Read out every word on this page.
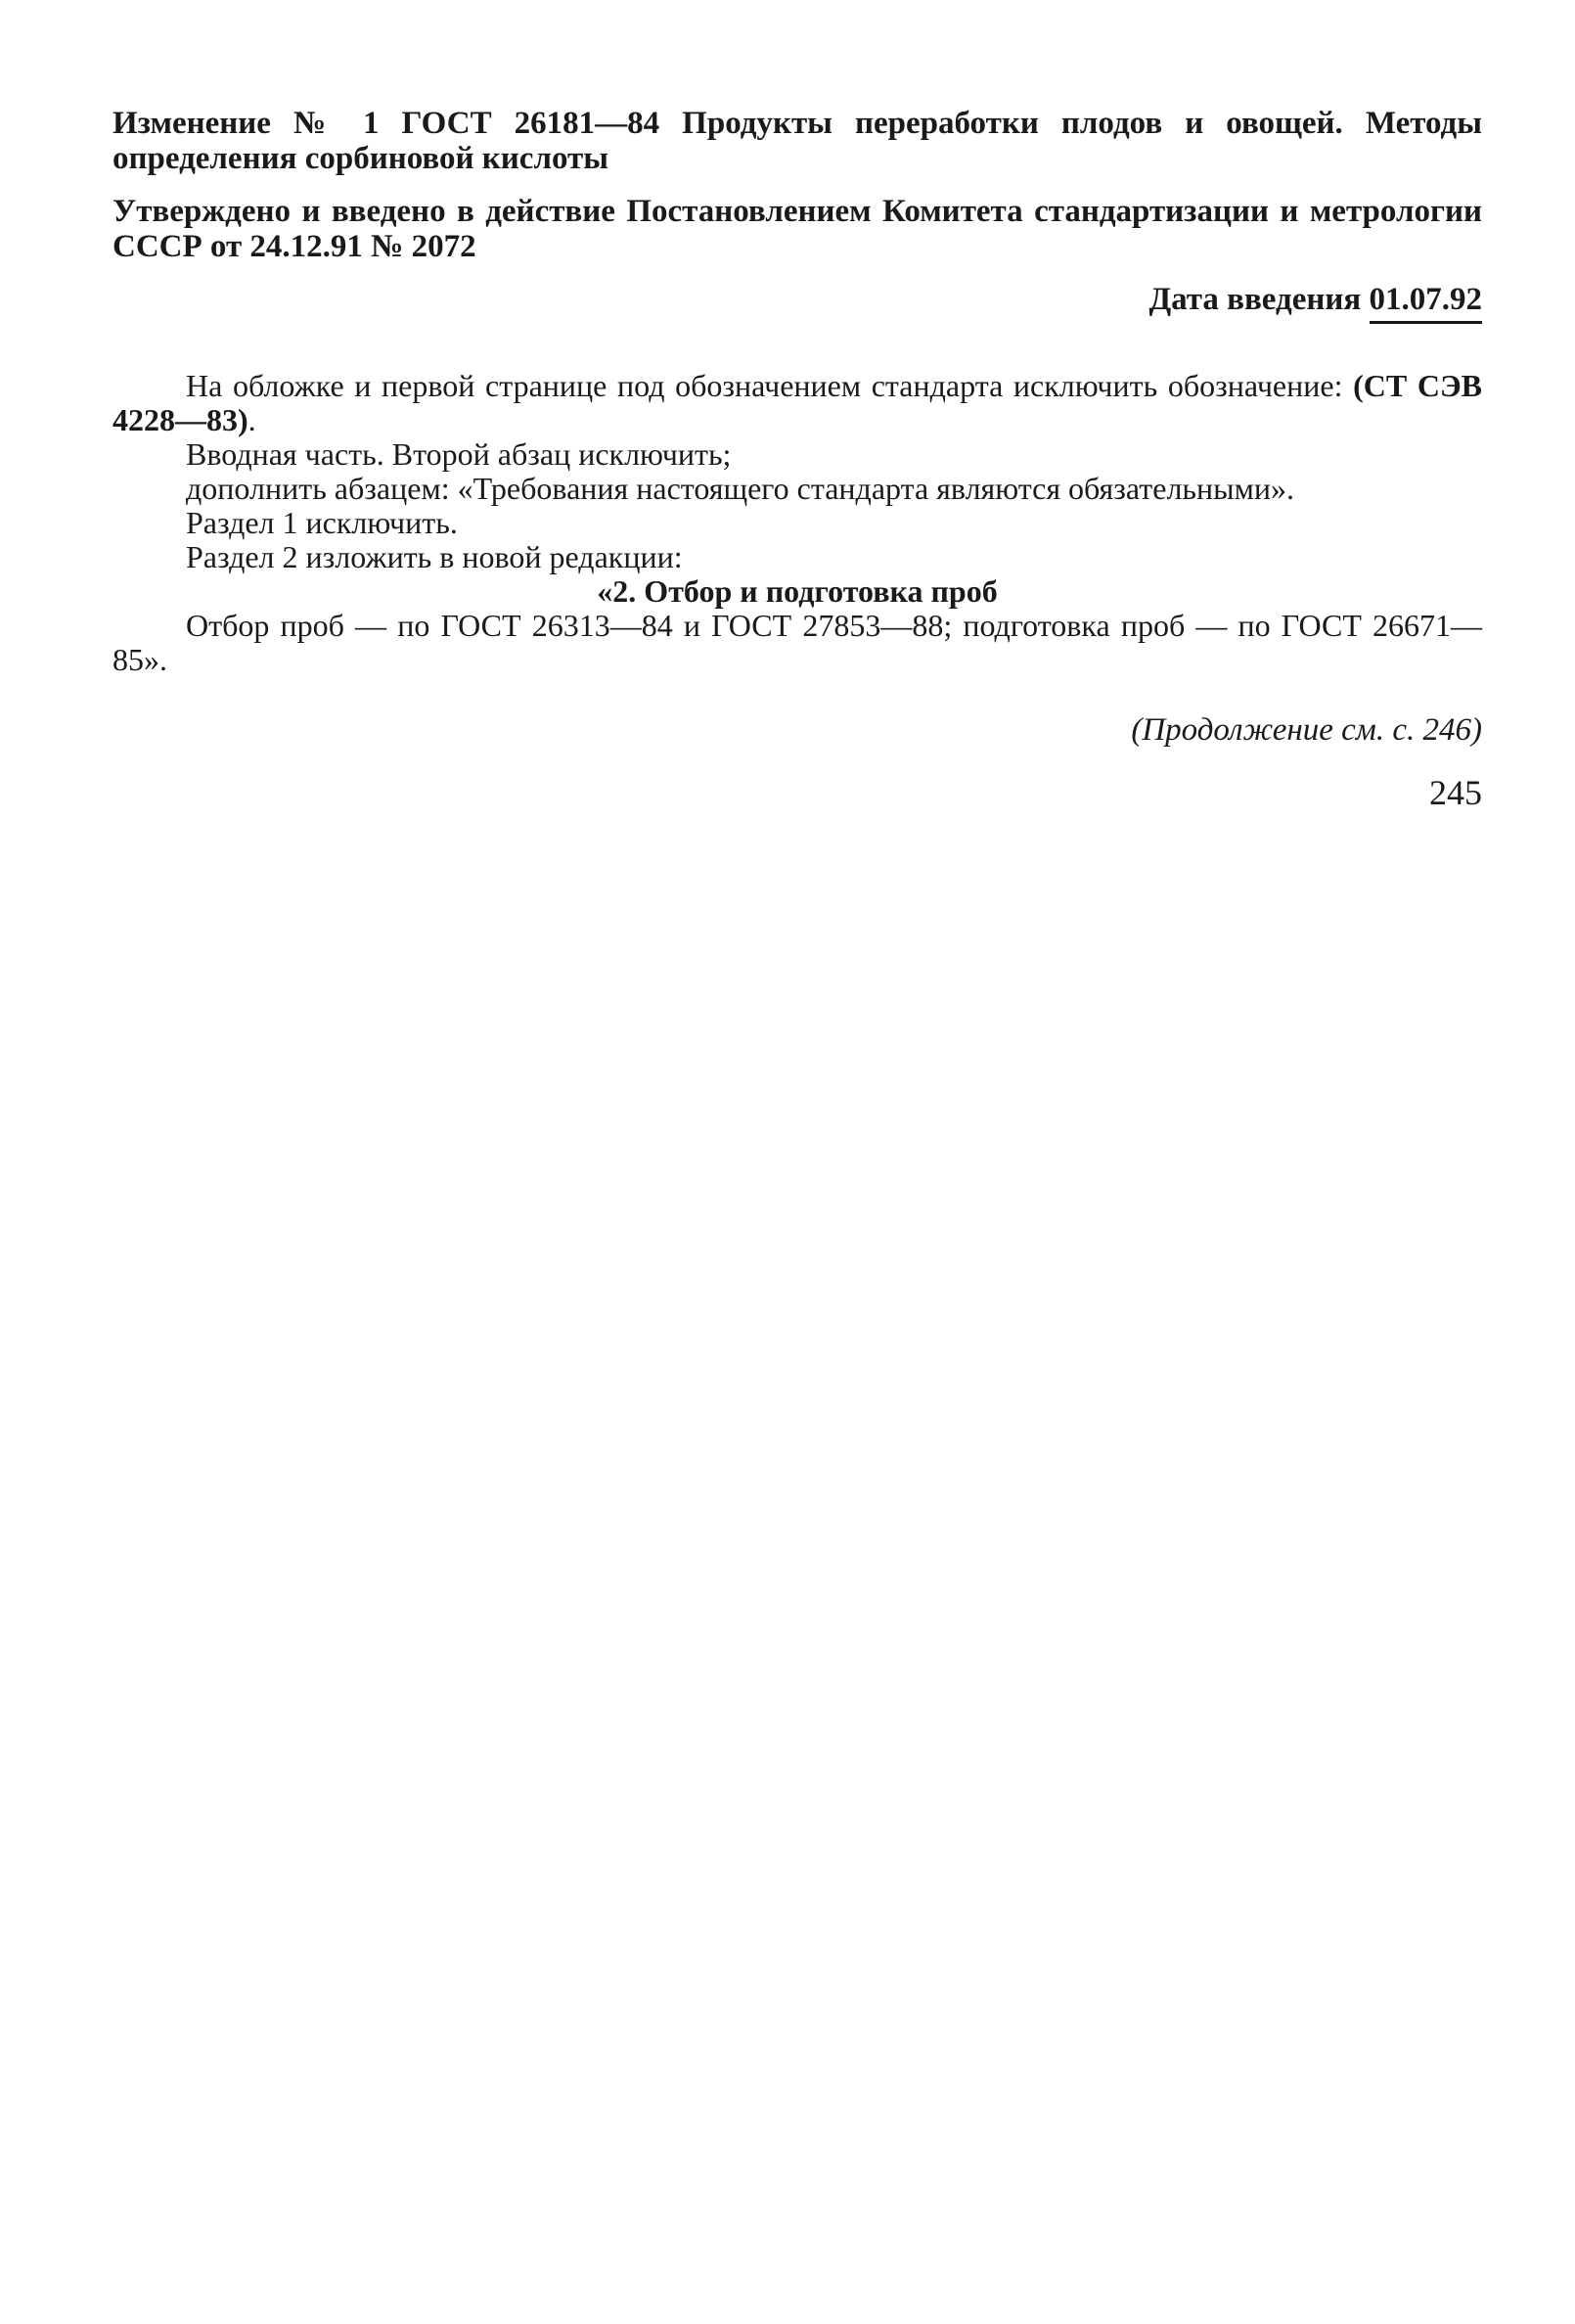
Изменение № 1 ГОСТ 26181—84 Продукты переработки плодов и овощей. Методы определения сорбиновой кислоты

Утверждено и введено в действие Постановлением Комитета стандартизации и метрологии СССР от 24.12.91 № 2072

Дата введения 01.07.92

На обложке и первой странице под обозначением стандарта исключить обозначение: (СТ СЭВ 4228—83).

Вводная часть. Второй абзац исключить;

дополнить абзацем: «Требования настоящего стандарта являются обязательными».

Раздел 1 исключить.

Раздел 2 изложить в новой редакции:

«2. Отбор и подготовка проб

Отбор проб — по ГОСТ 26313—84 и ГОСТ 27853—88; подготовка проб — по ГОСТ 26671—85».

(Продолжение см. с. 246)

245
